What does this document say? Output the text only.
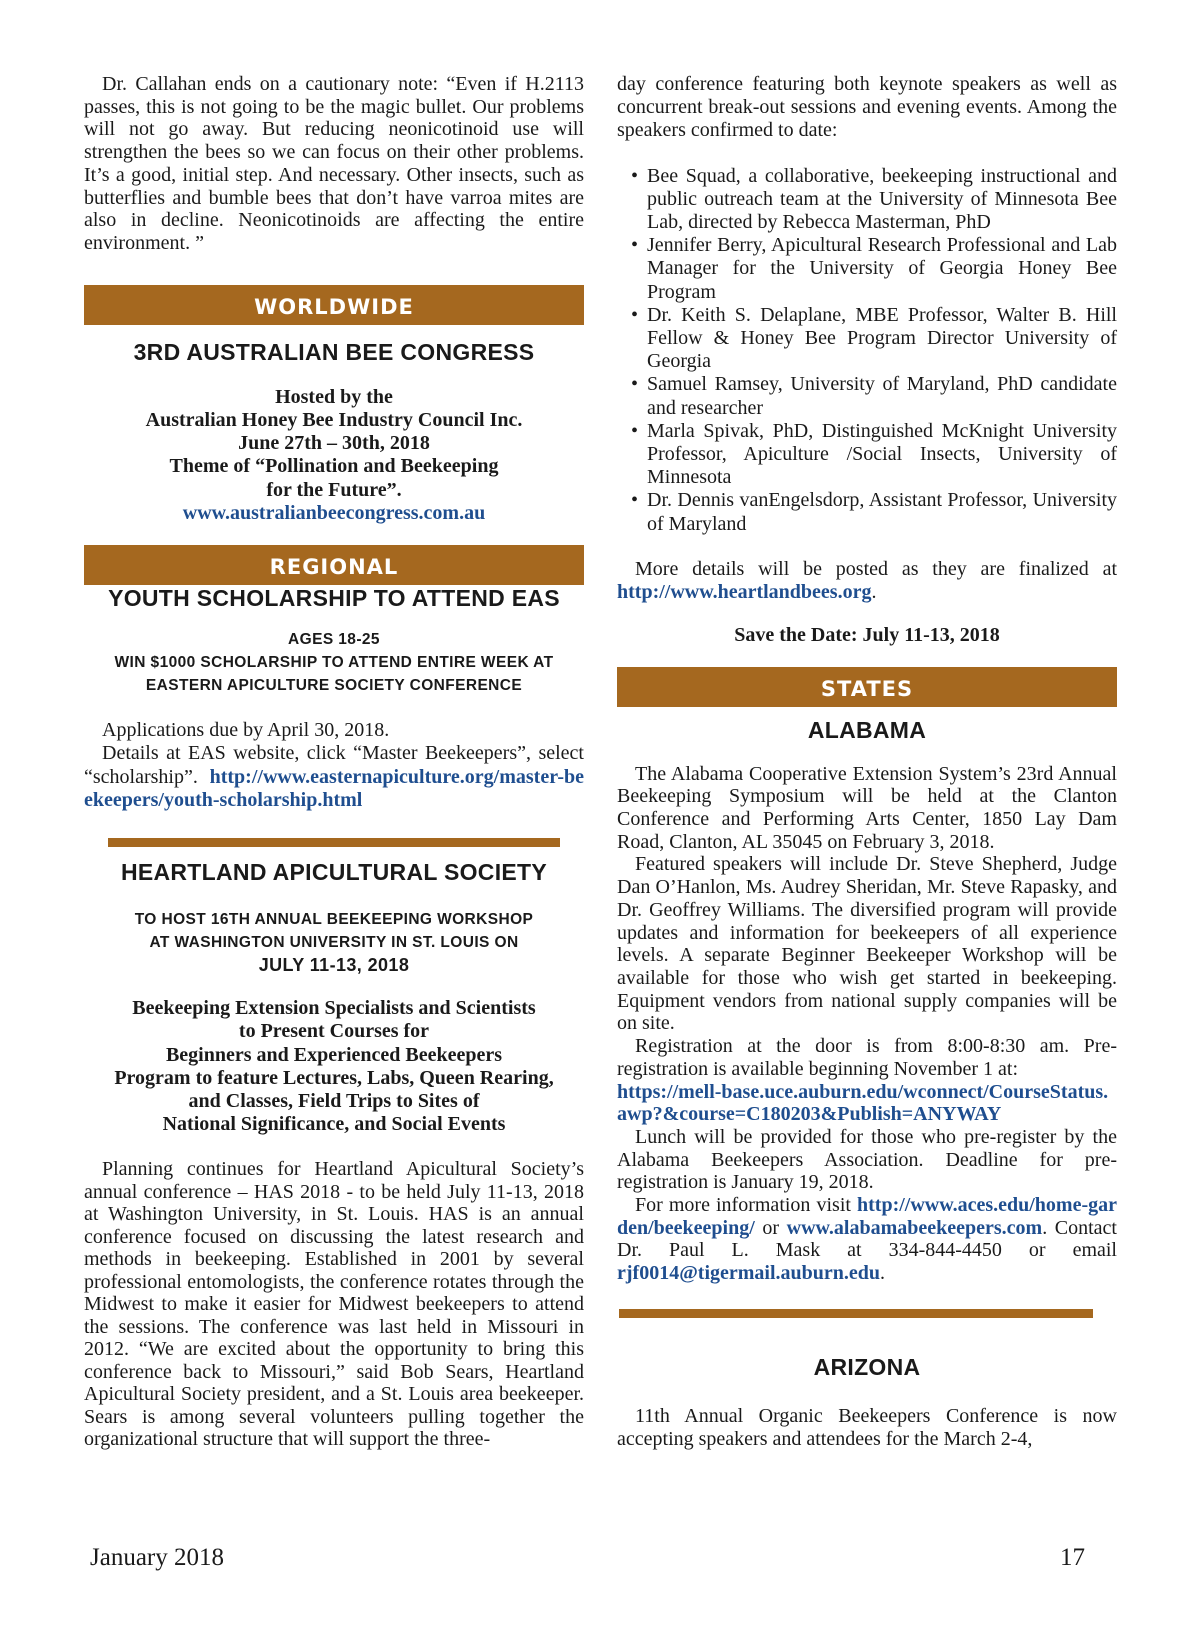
Dr. Callahan ends on a cautionary note: “Even if H.2113 passes, this is not going to be the magic bullet. Our problems will not go away. But reducing neonicotinoid use will strengthen the bees so we can focus on their other problems. It’s a good, initial step. And necessary. Other insects, such as butterflies and bumble bees that don’t have varroa mites are also in decline. Neonicotinoids are affecting the entire environment. ”

WORLDWIDE
3RD AUSTRALIAN BEE CONGRESS
Hosted by the
Australian Honey Bee Industry Council Inc.
June 27th – 30th, 2018
Theme of “Pollination and Beekeeping
for the Future”.
www.australianbeecongress.com.au
REGIONAL
YOUTH SCHOLARSHIP TO ATTEND EAS
AGES 18-25
WIN $1000 SCHOLARSHIP TO ATTEND ENTIRE WEEK AT
EASTERN APICULTURE SOCIETY CONFERENCE

Applications due by April 30, 2018.

Details at EAS website, click “Master Beekeepers”, select “scholarship”. http://www.easternapiculture.org/master-beekeepers/youth-scholarship.html

HEARTLAND APICULTURAL SOCIETY
TO HOST 16TH ANNUAL BEEKEEPING WORKSHOP
AT WASHINGTON UNIVERSITY IN ST. LOUIS ON
JULY 11-13, 2018
Beekeeping Extension Specialists and Scientists
to Present Courses for
Beginners and Experienced Beekeepers
Program to feature Lectures, Labs, Queen Rearing,
and Classes, Field Trips to Sites of
National Significance, and Social Events

Planning continues for Heartland Apicultural Society’s annual conference – HAS 2018 - to be held July 11-13, 2018 at Washington University, in St. Louis. HAS is an annual conference focused on discussing the latest research and methods in beekeeping. Established in 2001 by several professional entomologists, the conference rotates through the Midwest to make it easier for Midwest beekeepers to attend the sessions. The conference was last held in Missouri in 2012. “We are excited about the opportunity to bring this conference back to Missouri,” said Bob Sears, Heartland Apicultural Society president, and a St. Louis area beekeeper. Sears is among several volunteers pulling together the organizational structure that will support the three-

day conference featuring both keynote speakers as well as concurrent break-out sessions and evening events. Among the speakers confirmed to date:

• Bee Squad, a collaborative, beekeeping instructional and public outreach team at the University of Minnesota Bee Lab, directed by Rebecca Masterman, PhD
• Jennifer Berry, Apicultural Research Professional and Lab Manager for the University of Georgia Honey Bee Program
• Dr. Keith S. Delaplane, MBE Professor, Walter B. Hill Fellow & Honey Bee Program Director University of Georgia
• Samuel Ramsey, University of Maryland, PhD candidate and researcher
• Marla Spivak, PhD, Distinguished McKnight University Professor, Apiculture /Social Insects, University of Minnesota
• Dr. Dennis vanEngelsdorp, Assistant Professor, University of Maryland

More details will be posted as they are finalized at http://www.heartlandbees.org.

Save the Date: July 11-13, 2018
STATES
ALABAMA

The Alabama Cooperative Extension System’s 23rd Annual Beekeeping Symposium will be held at the Clanton Conference and Performing Arts Center, 1850 Lay Dam Road, Clanton, AL 35045 on February 3, 2018.

Featured speakers will include Dr. Steve Shepherd, Judge Dan O’Hanlon, Ms. Audrey Sheridan, Mr. Steve Rapasky, and Dr. Geoffrey Williams. The diversified program will provide updates and information for beekeepers of all experience levels. A separate Beginner Beekeeper Workshop will be available for those who wish get started in beekeeping. Equipment vendors from national supply companies will be on site.

Registration at the door is from 8:00-8:30 am. Pre-registration is available beginning November 1 at:

https://mell-base.uce.auburn.edu/wconnect/CourseStatus.awp?&course=C180203&Publish=ANYWAY

Lunch will be provided for those who pre-register by the Alabama Beekeepers Association. Deadline for pre-registration is January 19, 2018.

For more information visit http://www.aces.edu/home-garden/beekeeping/ or www.alabamabeekeepers.com. Contact Dr. Paul L. Mask at 334-844-4450 or email rjf0014@tigermail.auburn.edu.

ARIZONA

11th Annual Organic Beekeepers Conference is now accepting speakers and attendees for the March 2-4,

January 2018	17
